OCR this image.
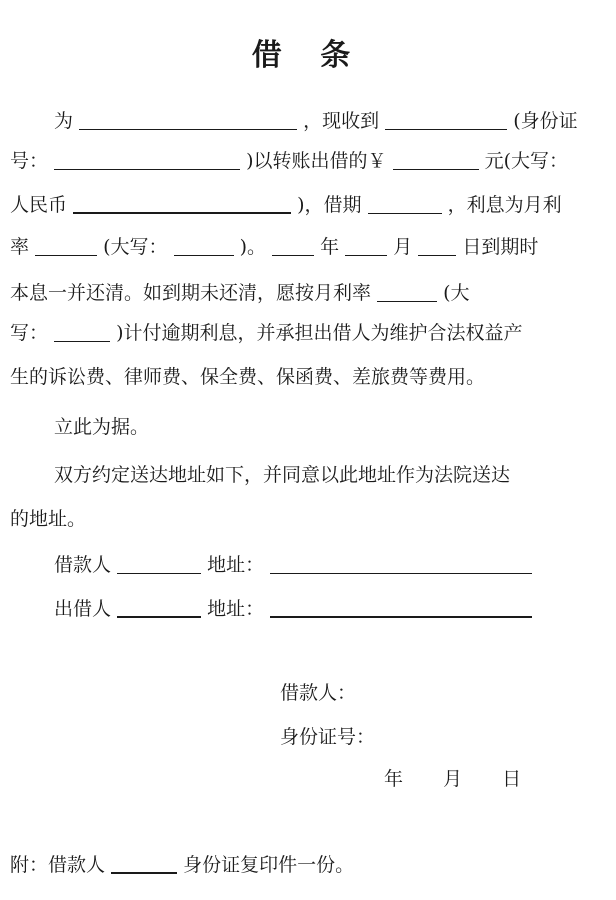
借 条
为	，现收到	(身份证
号：	)以转账出借的￥	元(大写：
人民币	)，借期	，利息为月利
率	(大写：	)。	年	月	日到期时
本息一并还清。如到期未还清，愿按月利率	(大
写：	)计付逾期利息，并承担出借人为维护合法权益产
生的诉讼费、律师费、保全费、保函费、差旅费等费用。
立此为据。
双方约定送达地址如下，并同意以此地址作为法院送达
的地址。
借款人	地址：
出借人	地址：
借款人：
身份证号：
年 月 日
附：借款人	身份证复印件一份。
